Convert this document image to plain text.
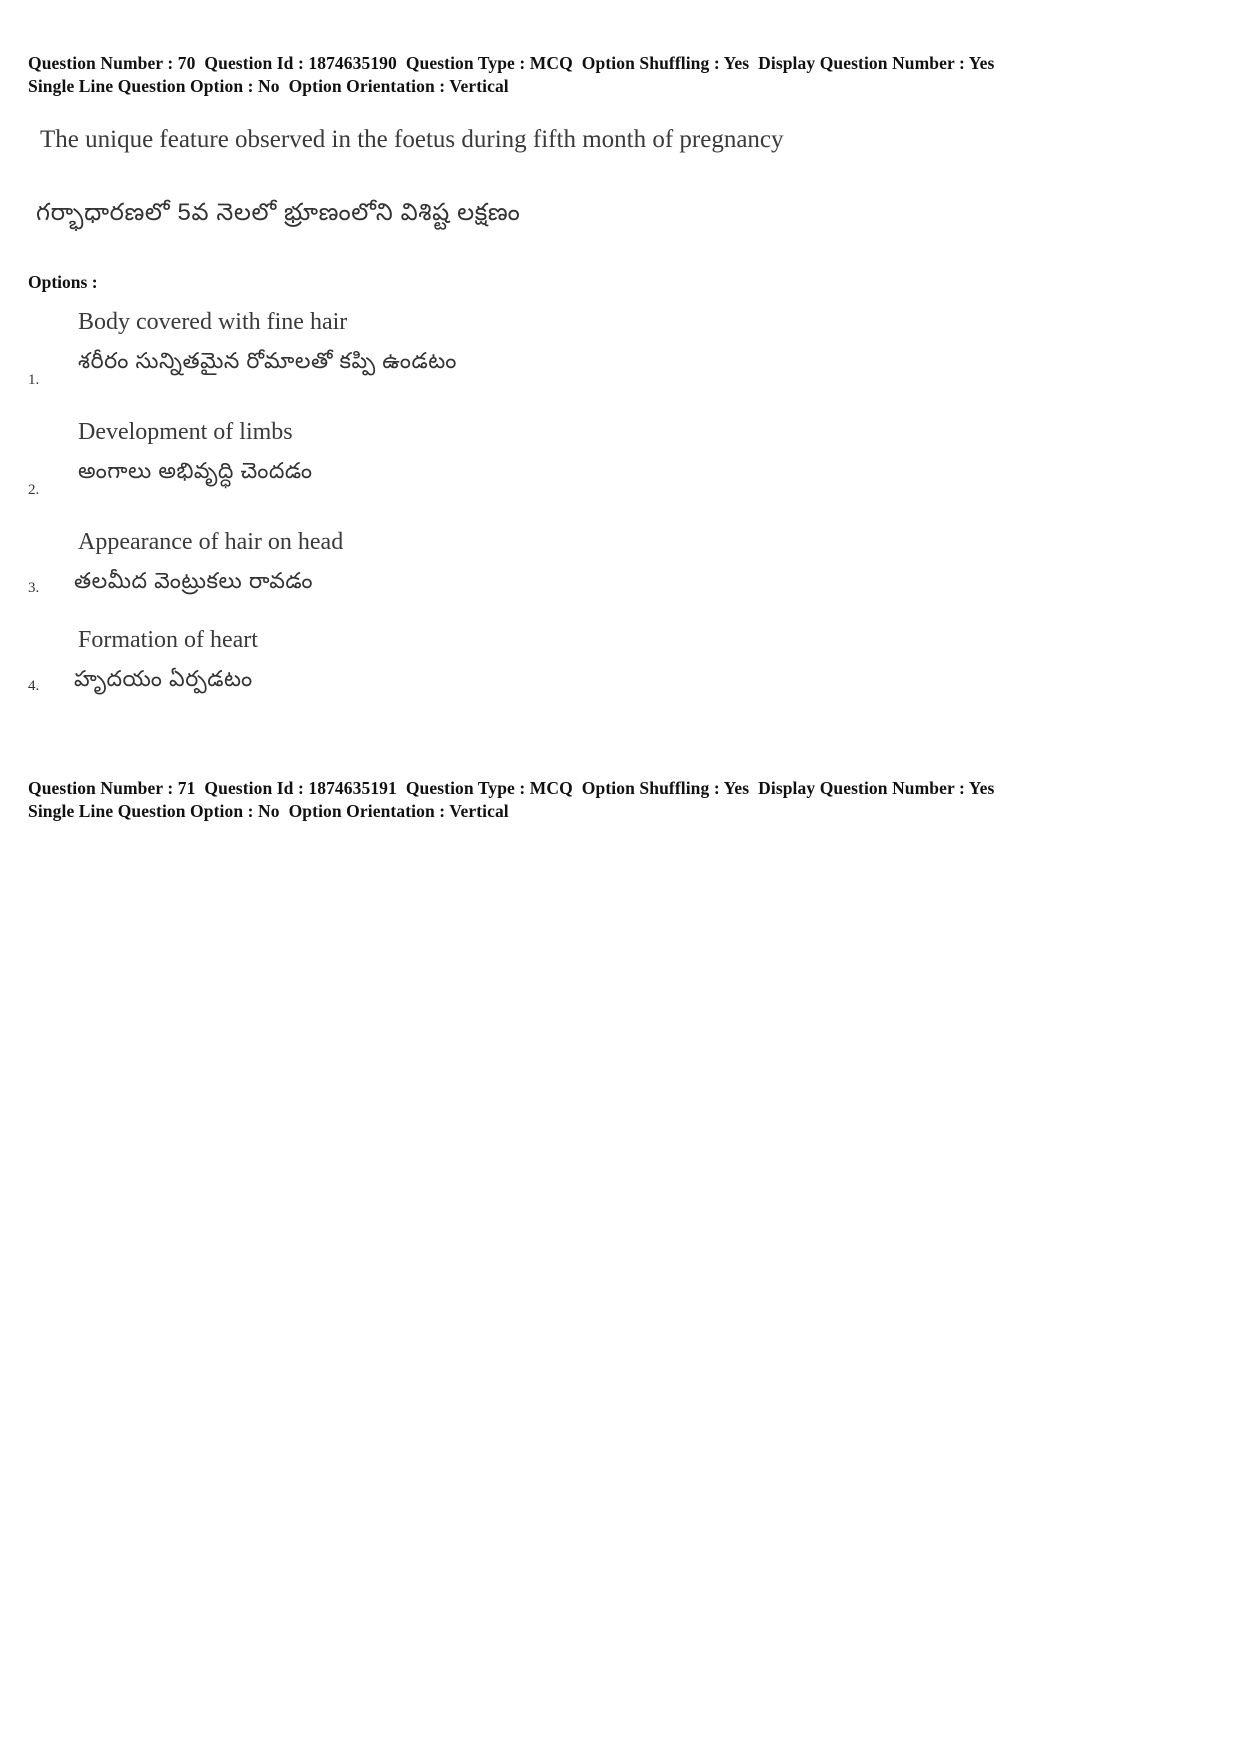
Question Number : 70  Question Id : 1874635190  Question Type : MCQ  Option Shuffling : Yes  Display Question Number : Yes
Single Line Question Option : No  Option Orientation : Vertical
The unique feature observed in the foetus during fifth month of pregnancy
గర్భాధారణలో 5వ నెలలో భ్రూణంలోని విశిష్ట లక్షణం
Options :
1.
Body covered with fine hair
శరీరం సున్నితమైన రోమాలతో కప్పి ఉండటం
2.
Development of limbs
అంగాలు అభివృద్ధి చెందడం
3.
Appearance of hair on head
తలమీద వెంట్రుకలు రావడం
4.
Formation of heart
హృదయం ఏర్పడటం
Question Number : 71  Question Id : 1874635191  Question Type : MCQ  Option Shuffling : Yes  Display Question Number : Yes
Single Line Question Option : No  Option Orientation : Vertical
